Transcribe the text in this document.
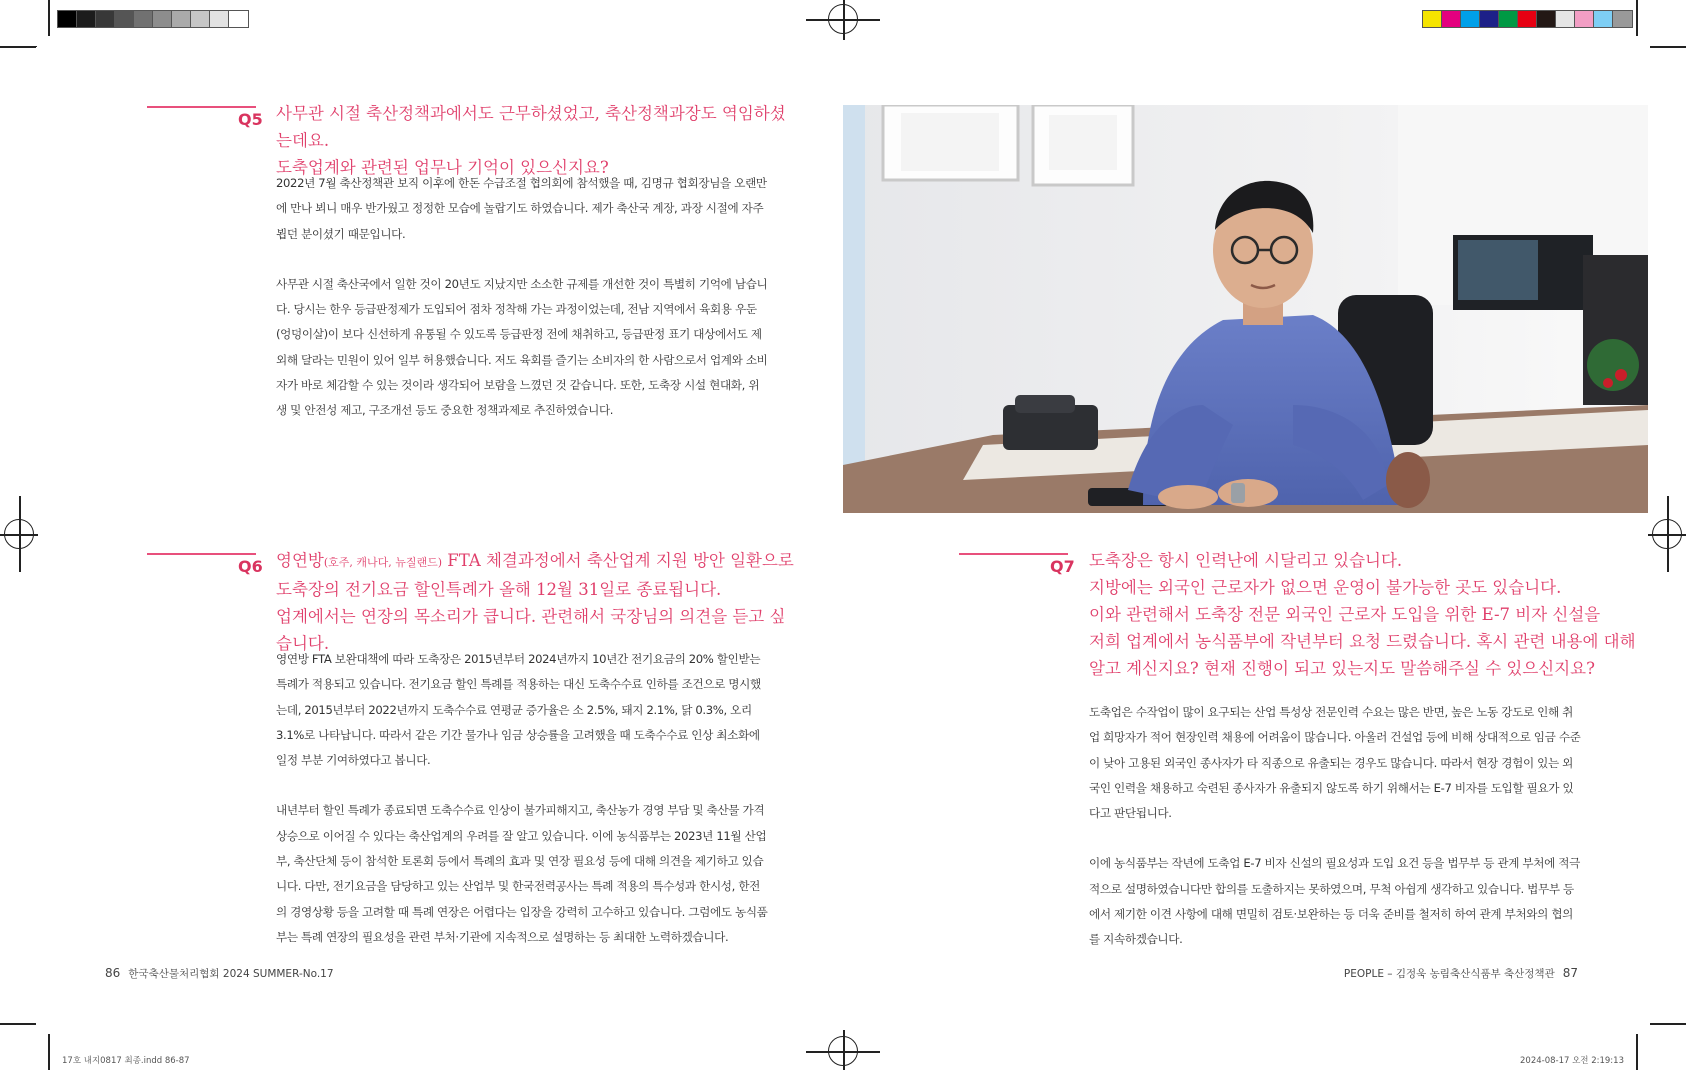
Q5 사무관 시절 축산정책과에서도 근무하셨었고, 축산정책과장도 역임하셨는데요.
도축업계와 관련된 업무나 기억이 있으신지요?

2022년 7월 축산정책관 보직 이후에 한돈 수급조절 협의회에 참석했을 때, 김명규 협회장님을 오랜만에 만나 뵈니 매우 반가웠고 정정한 모습에 놀랍기도 하였습니다. 제가 축산국 계장, 과장 시절에 자주 뵙던 분이셨기 때문입니다.

사무관 시절 축산국에서 일한 것이 20년도 지났지만 소소한 규제를 개선한 것이 특별히 기억에 남습니다. 당시는 한우 등급판정제가 도입되어 점차 정착해 가는 과정이었는데, 전남 지역에서 육회용 우둔(엉덩이살)이 보다 신선하게 유통될 수 있도록 등급판정 전에 채취하고, 등급판정 표기 대상에서도 제외해 달라는 민원이 있어 일부 허용했습니다. 저도 육회를 즐기는 소비자의 한 사람으로서 업계와 소비자가 바로 체감할 수 있는 것이라 생각되어 보람을 느꼈던 것 같습니다. 또한, 도축장 시설 현대화, 위생 및 안전성 제고, 구조개선 등도 중요한 정책과제로 추진하였습니다.

Q6 영연방(호주, 캐나다, 뉴질랜드) FTA 체결과정에서 축산업계 지원 방안 일환으로
도축장의 전기요금 할인특례가 올해 12월 31일로 종료됩니다.
업계에서는 연장의 목소리가 큽니다. 관련해서 국장님의 의견을 듣고 싶습니다.

영연방 FTA 보완대책에 따라 도축장은 2015년부터 2024년까지 10년간 전기요금의 20% 할인받는 특례가 적용되고 있습니다. 전기요금 할인 특례를 적용하는 대신 도축수수료 인하를 조건으로 명시했는데, 2015년부터 2022년까지 도축수수료 연평균 증가율은 소 2.5%, 돼지 2.1%, 닭 0.3%, 오리 3.1%로 나타납니다. 따라서 같은 기간 물가나 임금 상승률을 고려했을 때 도축수수료 인상 최소화에 일정 부분 기여하였다고 봅니다.

내년부터 할인 특례가 종료되면 도축수수료 인상이 불가피해지고, 축산농가 경영 부담 및 축산물 가격 상승으로 이어질 수 있다는 축산업계의 우려를 잘 알고 있습니다. 이에 농식품부는 2023년 11월 산업부, 축산단체 등이 참석한 토론회 등에서 특례의 효과 및 연장 필요성 등에 대해 의견을 제기하고 있습니다. 다만, 전기요금을 담당하고 있는 산업부 및 한국전력공사는 특례 적용의 특수성과 한시성, 한전의 경영상황 등을 고려할 때 특례 연장은 어렵다는 입장을 강력히 고수하고 있습니다. 그럼에도 농식품부는 특례 연장의 필요성을 관련 부처·기관에 지속적으로 설명하는 등 최대한 노력하겠습니다.

86 한국축산물처리협회 2024 SUMMER-No.17
Q7 도축장은 항시 인력난에 시달리고 있습니다.
지방에는 외국인 근로자가 없으면 운영이 불가능한 곳도 있습니다.
이와 관련해서 도축장 전문 외국인 근로자 도입을 위한 E-7 비자 신설을
저희 업계에서 농식품부에 작년부터 요청 드렸습니다. 혹시 관련 내용에 대해
알고 계신지요? 현재 진행이 되고 있는지도 말씀해주실 수 있으신지요?

도축업은 수작업이 많이 요구되는 산업 특성상 전문인력 수요는 많은 반면, 높은 노동 강도로 인해 취업 희망자가 적어 현장인력 채용에 어려움이 많습니다. 아울러 건설업 등에 비해 상대적으로 임금 수준이 낮아 고용된 외국인 종사자가 타 직종으로 유출되는 경우도 많습니다. 따라서 현장 경험이 있는 외국인 인력을 채용하고 숙련된 종사자가 유출되지 않도록 하기 위해서는 E-7 비자를 도입할 필요가 있다고 판단됩니다.

이에 농식품부는 작년에 도축업 E-7 비자 신설의 필요성과 도입 요건 등을 법무부 등 관계 부처에 적극적으로 설명하였습니다만 합의를 도출하지는 못하였으며, 무척 아쉽게 생각하고 있습니다. 법무부 등에서 제기한 이견 사항에 대해 면밀히 검토·보완하는 등 더욱 준비를 철저히 하여 관계 부처와의 협의를 지속하겠습니다.

PEOPLE – 김정욱 농림축산식품부 축산정책관 87
17호 내지0817 최종.indd 86-87	2024-08-17 오전 2:19:13
